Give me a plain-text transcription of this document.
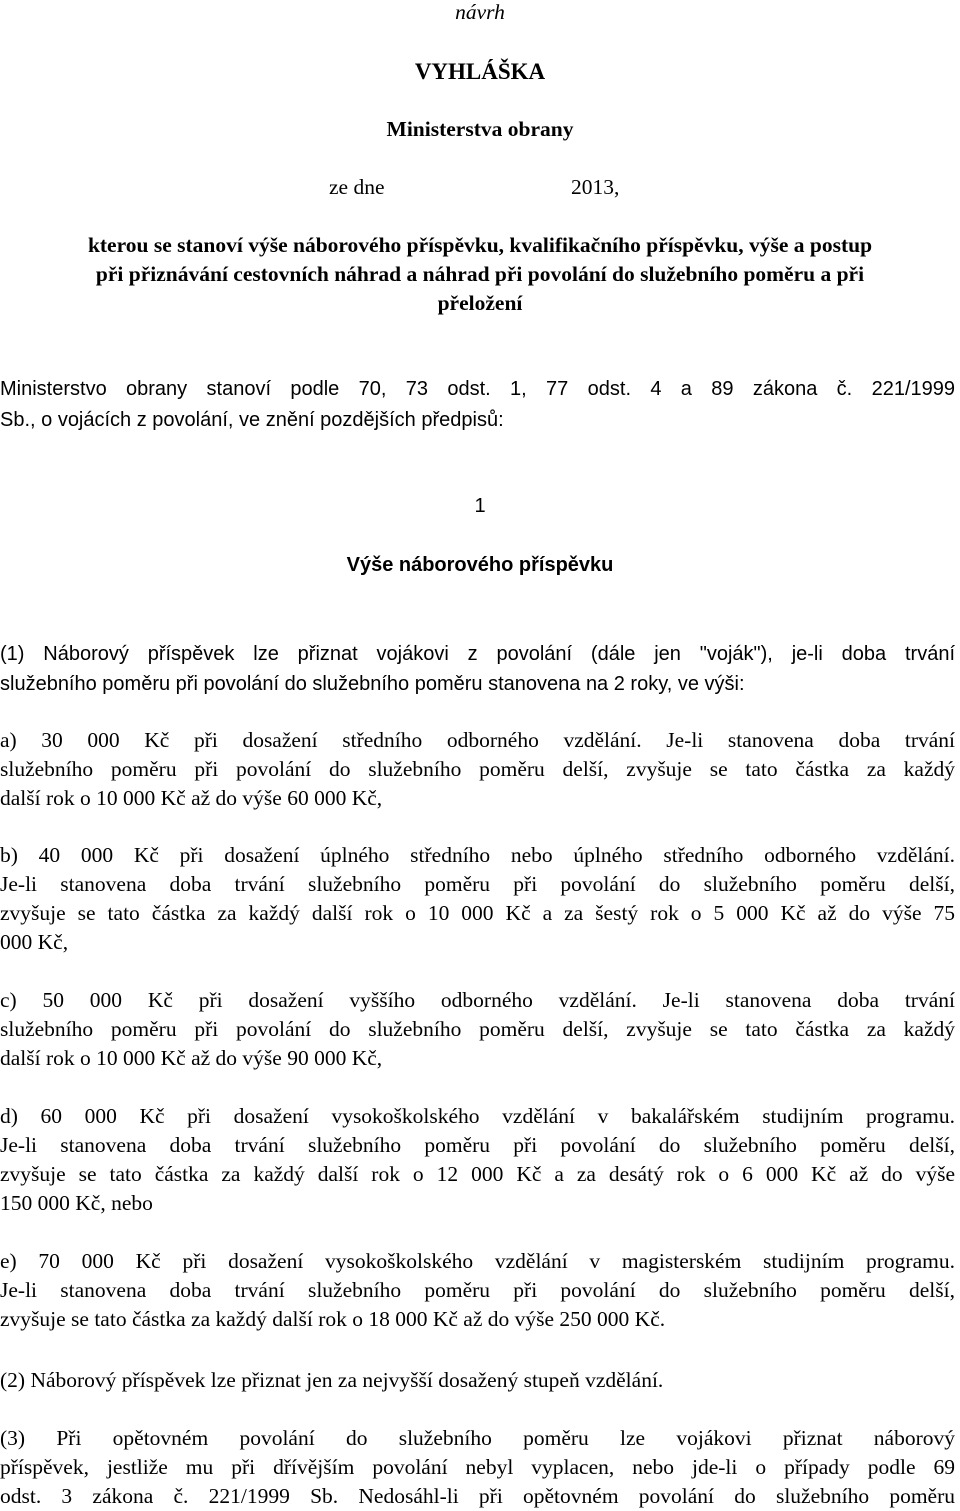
návrh
VYHLÁŠKA
Ministerstva obrany
ze dne	2013,
kterou se stanoví výše náborového příspěvku, kvalifikačního příspěvku, výše a postup
při přiznávání cestovních náhrad a náhrad při povolání do služebního poměru a při
přeložení
Ministerstvo obrany stanoví podle 70, 73 odst. 1, 77 odst. 4 a 89 zákona č. 221/1999
Sb., o vojácích z povolání, ve znění pozdějších předpisů:
1
Výše náborového příspěvku
(1) Náborový příspěvek lze přiznat vojákovi z povolání (dále jen "voják"), je-li doba trvání
služebního poměru při povolání do služebního poměru stanovena na 2 roky, ve výši:
a) 30 000 Kč při dosažení středního odborného vzdělání. Je-li stanovena doba trvání
služebního poměru při povolání do služebního poměru delší, zvyšuje se tato částka za každý
další rok o 10 000 Kč až do výše 60 000 Kč,
b) 40 000 Kč při dosažení úplného středního nebo úplného středního odborného vzdělání.
Je-li stanovena doba trvání služebního poměru při povolání do služebního poměru delší,
zvyšuje se tato částka za každý další rok o 10 000 Kč a za šestý rok o 5 000 Kč až do výše 75
000 Kč,
c) 50 000 Kč při dosažení vyššího odborného vzdělání. Je-li stanovena doba trvání
služebního poměru při povolání do služebního poměru delší, zvyšuje se tato částka za každý
další rok o 10 000 Kč až do výše 90 000 Kč,
d) 60 000 Kč při dosažení vysokoškolského vzdělání v bakalářském studijním programu.
Je-li stanovena doba trvání služebního poměru při povolání do služebního poměru delší,
zvyšuje se tato částka za každý další rok o 12 000 Kč a za desátý rok o 6 000 Kč až do výše
150 000 Kč, nebo
e) 70 000 Kč při dosažení vysokoškolského vzdělání v magisterském studijním programu.
Je-li stanovena doba trvání služebního poměru při povolání do služebního poměru delší,
zvyšuje se tato částka za každý další rok o 18 000 Kč až do výše 250 000 Kč.
(2) Náborový příspěvek lze přiznat jen za nejvyšší dosažený stupeň vzdělání.
(3) Při opětovném povolání do služebního poměru lze vojákovi přiznat náborový
příspěvek, jestliže mu při dřívějším povolání nebyl vyplacen, nebo jde-li o případy podle 69
odst. 3 zákona č. 221/1999 Sb. Nedosáhl-li při opětovném povolání do služebního poměru
